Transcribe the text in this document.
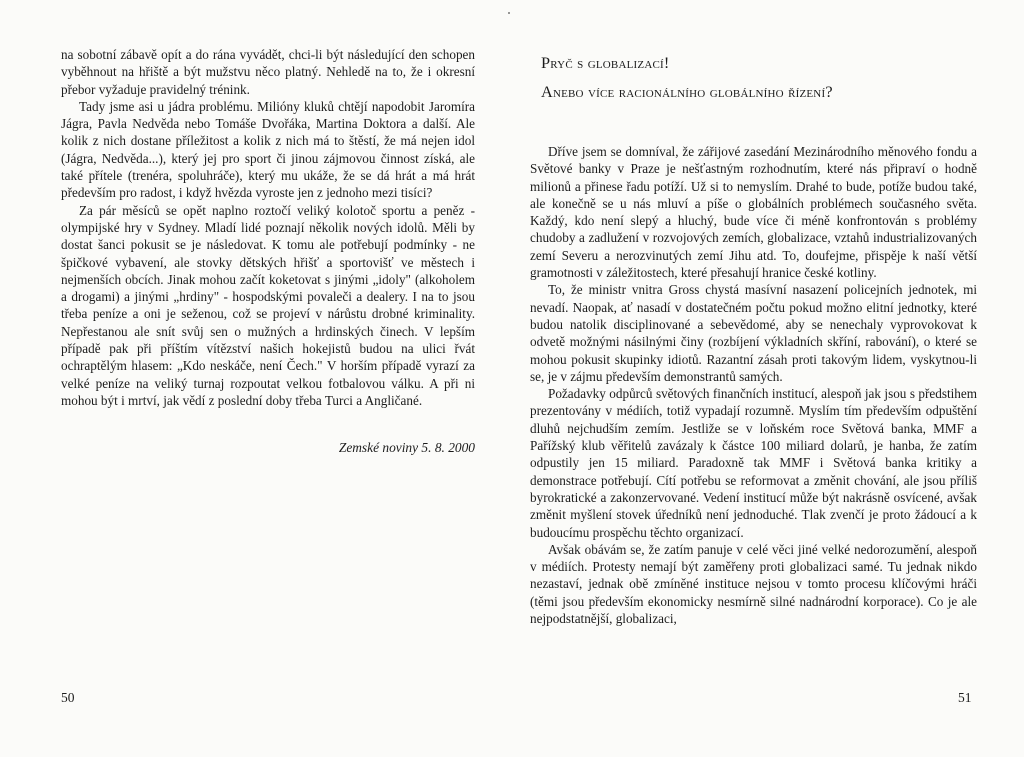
na sobotní zábavě opít a do rána vyvádět, chci-li být následující den schopen vyběhnout na hřiště a být mužstvu něco platný. Nehledě na to, že i okresní přebor vyžaduje pravidelný trénink.

Tady jsme asi u jádra problému. Milióny kluků chtějí napodobit Jaromíra Jágra, Pavla Nedvěda nebo Tomáše Dvořáka, Martina Doktora a další. Ale kolik z nich dostane příležitost a kolik z nich má to štěstí, že má nejen idol (Jágra, Nedvěda...), který jej pro sport či jinou zájmovou činnost získá, ale také přítele (trenéra, spoluhráče), který mu ukáže, že se dá hrát a má hrát především pro radost, i když hvězda vyroste jen z jednoho mezi tisíci?

Za pár měsíců se opět naplno roztočí veliký kolotoč sportu a peněz - olympijské hry v Sydney. Mladí lidé poznají několik nových idolů. Měli by dostat šanci pokusit se je následovat. K tomu ale potřebují podmínky - ne špičkové vybavení, ale stovky dětských hřišť a sportovišť ve městech i nejmenších obcích. Jinak mohou začít koketovat s jinými „idoly" (alkoholem a drogami) a jinými „hrdiny" - hospodskými povaleči a dealery. I na to jsou třeba peníze a oni je seženou, což se projeví v nárůstu drobné kriminality. Nepřestanou ale snít svůj sen o mužných a hrdinských činech. V lepším případě pak při příštím vítězství našich hokejistů budou na ulici řvát ochraptělým hlasem: „Kdo neskáče, není Čech." V horším případě vyrazí za velké peníze na veliký turnaj rozpoutat velkou fotbalovou válku. A při ni mohou být i mrtví, jak vědí z poslední doby třeba Turci a Angličané.

Zemské noviny 5. 8. 2000
50
Pryč s globalizací!
Anebo více racionálního globálního řízení?

Dříve jsem se domníval, že zářijové zasedání Mezinárodního měnového fondu a Světové banky v Praze je nešťastným rozhodnutím, které nás připraví o hodně milionů a přinese řadu potíží. Už si to nemyslím. Drahé to bude, potíže budou také, ale konečně se u nás mluví a píše o globálních problémech současného světa. Každý, kdo není slepý a hluchý, bude více či méně konfrontován s problémy chudoby a zadlužení v rozvojových zemích, globalizace, vztahů industrializovaných zemí Severu a nerozvinutých zemí Jihu atd. To, doufejme, přispěje k naší větší gramotnosti v záležitostech, které přesahují hranice české kotliny.

To, že ministr vnitra Gross chystá masívní nasazení policejních jednotek, mi nevadí. Naopak, ať nasadí v dostatečném počtu pokud možno elitní jednotky, které budou natolik disciplinované a sebevědomé, aby se nenechaly vyprovokovat k odvetě možnými násilnými činy (rozbíjení výkladních skříní, rabování), o které se mohou pokusit skupinky idiotů. Razantní zásah proti takovým lidem, vyskytnou-li se, je v zájmu především demonstrantů samých.

Požadavky odpůrců světových finančních institucí, alespoň jak jsou s předstihem prezentovány v médiích, totiž vypadají rozumně. Myslím tím především odpuštění dluhů nejchudším zemím. Jestliže se v loňském roce Světová banka, MMF a Pařížský klub věřitelů zavázaly k částce 100 miliard dolarů, je hanba, že zatím odpustily jen 15 miliard. Paradoxně tak MMF i Světová banka kritiky a demonstrace potřebují. Cítí potřebu se reformovat a změnit chování, ale jsou příliš byrokratické a zakonzervované. Vedení institucí může být nakrásně osvícené, avšak změnit myšlení stovek úředníků není jednoduché. Tlak zvenčí je proto žádoucí a k budoucímu prospěchu těchto organizací.

Avšak obávám se, že zatím panuje v celé věci jiné velké nedorozumění, alespoň v médiích. Protesty nemají být zaměřeny proti globalizaci samé. Tu jednak nikdo nezastaví, jednak obě zmíněné instituce nejsou v tomto procesu klíčovými hráči (těmi jsou především ekonomicky nesmírně silné nadnárodní korporace). Co je ale nejpodstatnější, globalizaci,

51
